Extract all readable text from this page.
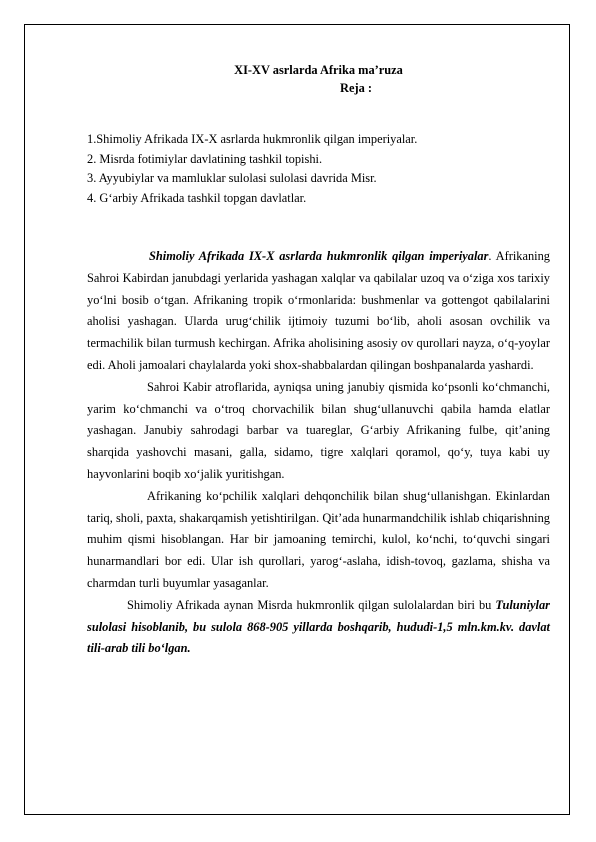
XI-XV asrlarda Afrika ma’ruza
Reja :
1.Shimoliy Afrikada IX-X asrlarda hukmronlik qilgan imperiyalar.
2. Misrda fotimiylar davlatining tashkil topishi.
3. Ayyubiylar va mamluklar sulolasi sulolasi davrida Misr.
4. G‘arbiy Afrikada tashkil topgan davlatlar.

Shimoliy Afrikada IX-X asrlarda hukmronlik qilgan imperiyalar. Afrikaning Sahroi Kabirdan janubdagi yerlarida yashagan xalqlar va qabilalar uzoq va o‘ziga xos tarixiy yo‘lni bosib o‘tgan. Afrikaning tropik o‘rmonlarida: bushmenlar va gottengot qabilalarini aholisi yashagan. Ularda urug‘chilik ijtimoiy tuzumi bo‘lib, aholi asosan ovchilik va termachilik bilan turmush kechirgan. Afrika aholisining asosiy ov qurollari nayza, o‘q-yoylar edi. Aholi jamoalari chaylalarda yoki shox-shabbalardan qilingan boshpanalarda yashardi.

Sahroi Kabir atroflarida, ayniqsa uning janubiy qismida ko‘psonli ko‘chmanchi, yarim ko‘chmanchi va o‘troq chorvachilik bilan shug‘ullanuvchi qabila hamda elatlar yashagan. Janubiy sahrodagi barbar va tuareglar, G‘arbiy Afrikaning fulbe, qit’aning sharqida yashovchi masani, galla, sidamo, tigre xalqlari qoramol, qo‘y, tuya kabi uy hayvonlarini boqib xo‘jalik yuritishgan.

Afrikaning ko‘pchilik xalqlari dehqonchilik bilan shug‘ullanishgan. Ekinlardan tariq, sholi, paxta, shakarqamish yetishtirilgan. Qit’ada hunarmandchilik ishlab chiqarishning muhim qismi hisoblangan. Har bir jamoaning temirchi, kulol, ko‘nchi, to‘quvchi singari hunarmandlari bor edi. Ular ish qurollari, yarog‘-aslaha, idish-tovoq, gazlama, shisha va charmdan turli buyumlar yasaganlar.

Shimoliy Afrikada aynan Misrda hukmronlik qilgan sulolalardan biri bu Tuluniylar sulolasi hisoblanib, bu sulola 868-905 yillarda boshqarib, hududi-1,5 mln.km.kv. davlat tili-arab tili bo‘lgan.
